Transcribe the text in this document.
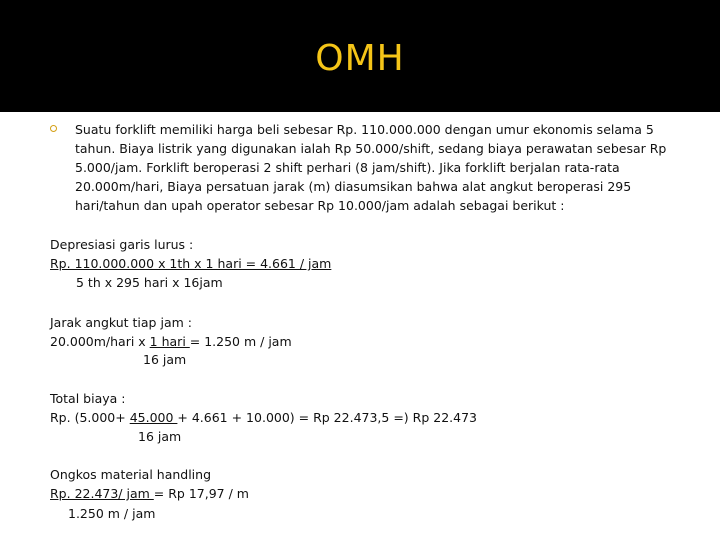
OMH
Suatu forklift memiliki harga beli sebesar Rp. 110.000.000 dengan umur ekonomis selama 5 tahun. Biaya listrik yang digunakan ialah Rp 50.000/shift, sedang biaya perawatan sebesar Rp 5.000/jam. Forklift beroperasi 2 shift perhari (8 jam/shift). Jika forklift berjalan rata-rata 20.000m/hari, Biaya persatuan jarak (m) diasumsikan bahwa alat angkut beroperasi 295 hari/tahun dan upah operator sebesar Rp 10.000/jam adalah sebagai berikut :
Depresiasi garis lurus :
Rp. 110.000.000 x 1th x 1 hari = 4.661 / jam
5 th x 295 hari x 16jam
Jarak angkut tiap jam :
20.000m/hari x 1 hari = 1.250 m / jam
16 jam
Total biaya :
Rp. (5.000+ 45.000 + 4.661 + 10.000) = Rp 22.473,5 =) Rp 22.473
16 jam
Ongkos material handling
Rp. 22.473/ jam = Rp 17,97 / m
1.250 m / jam
